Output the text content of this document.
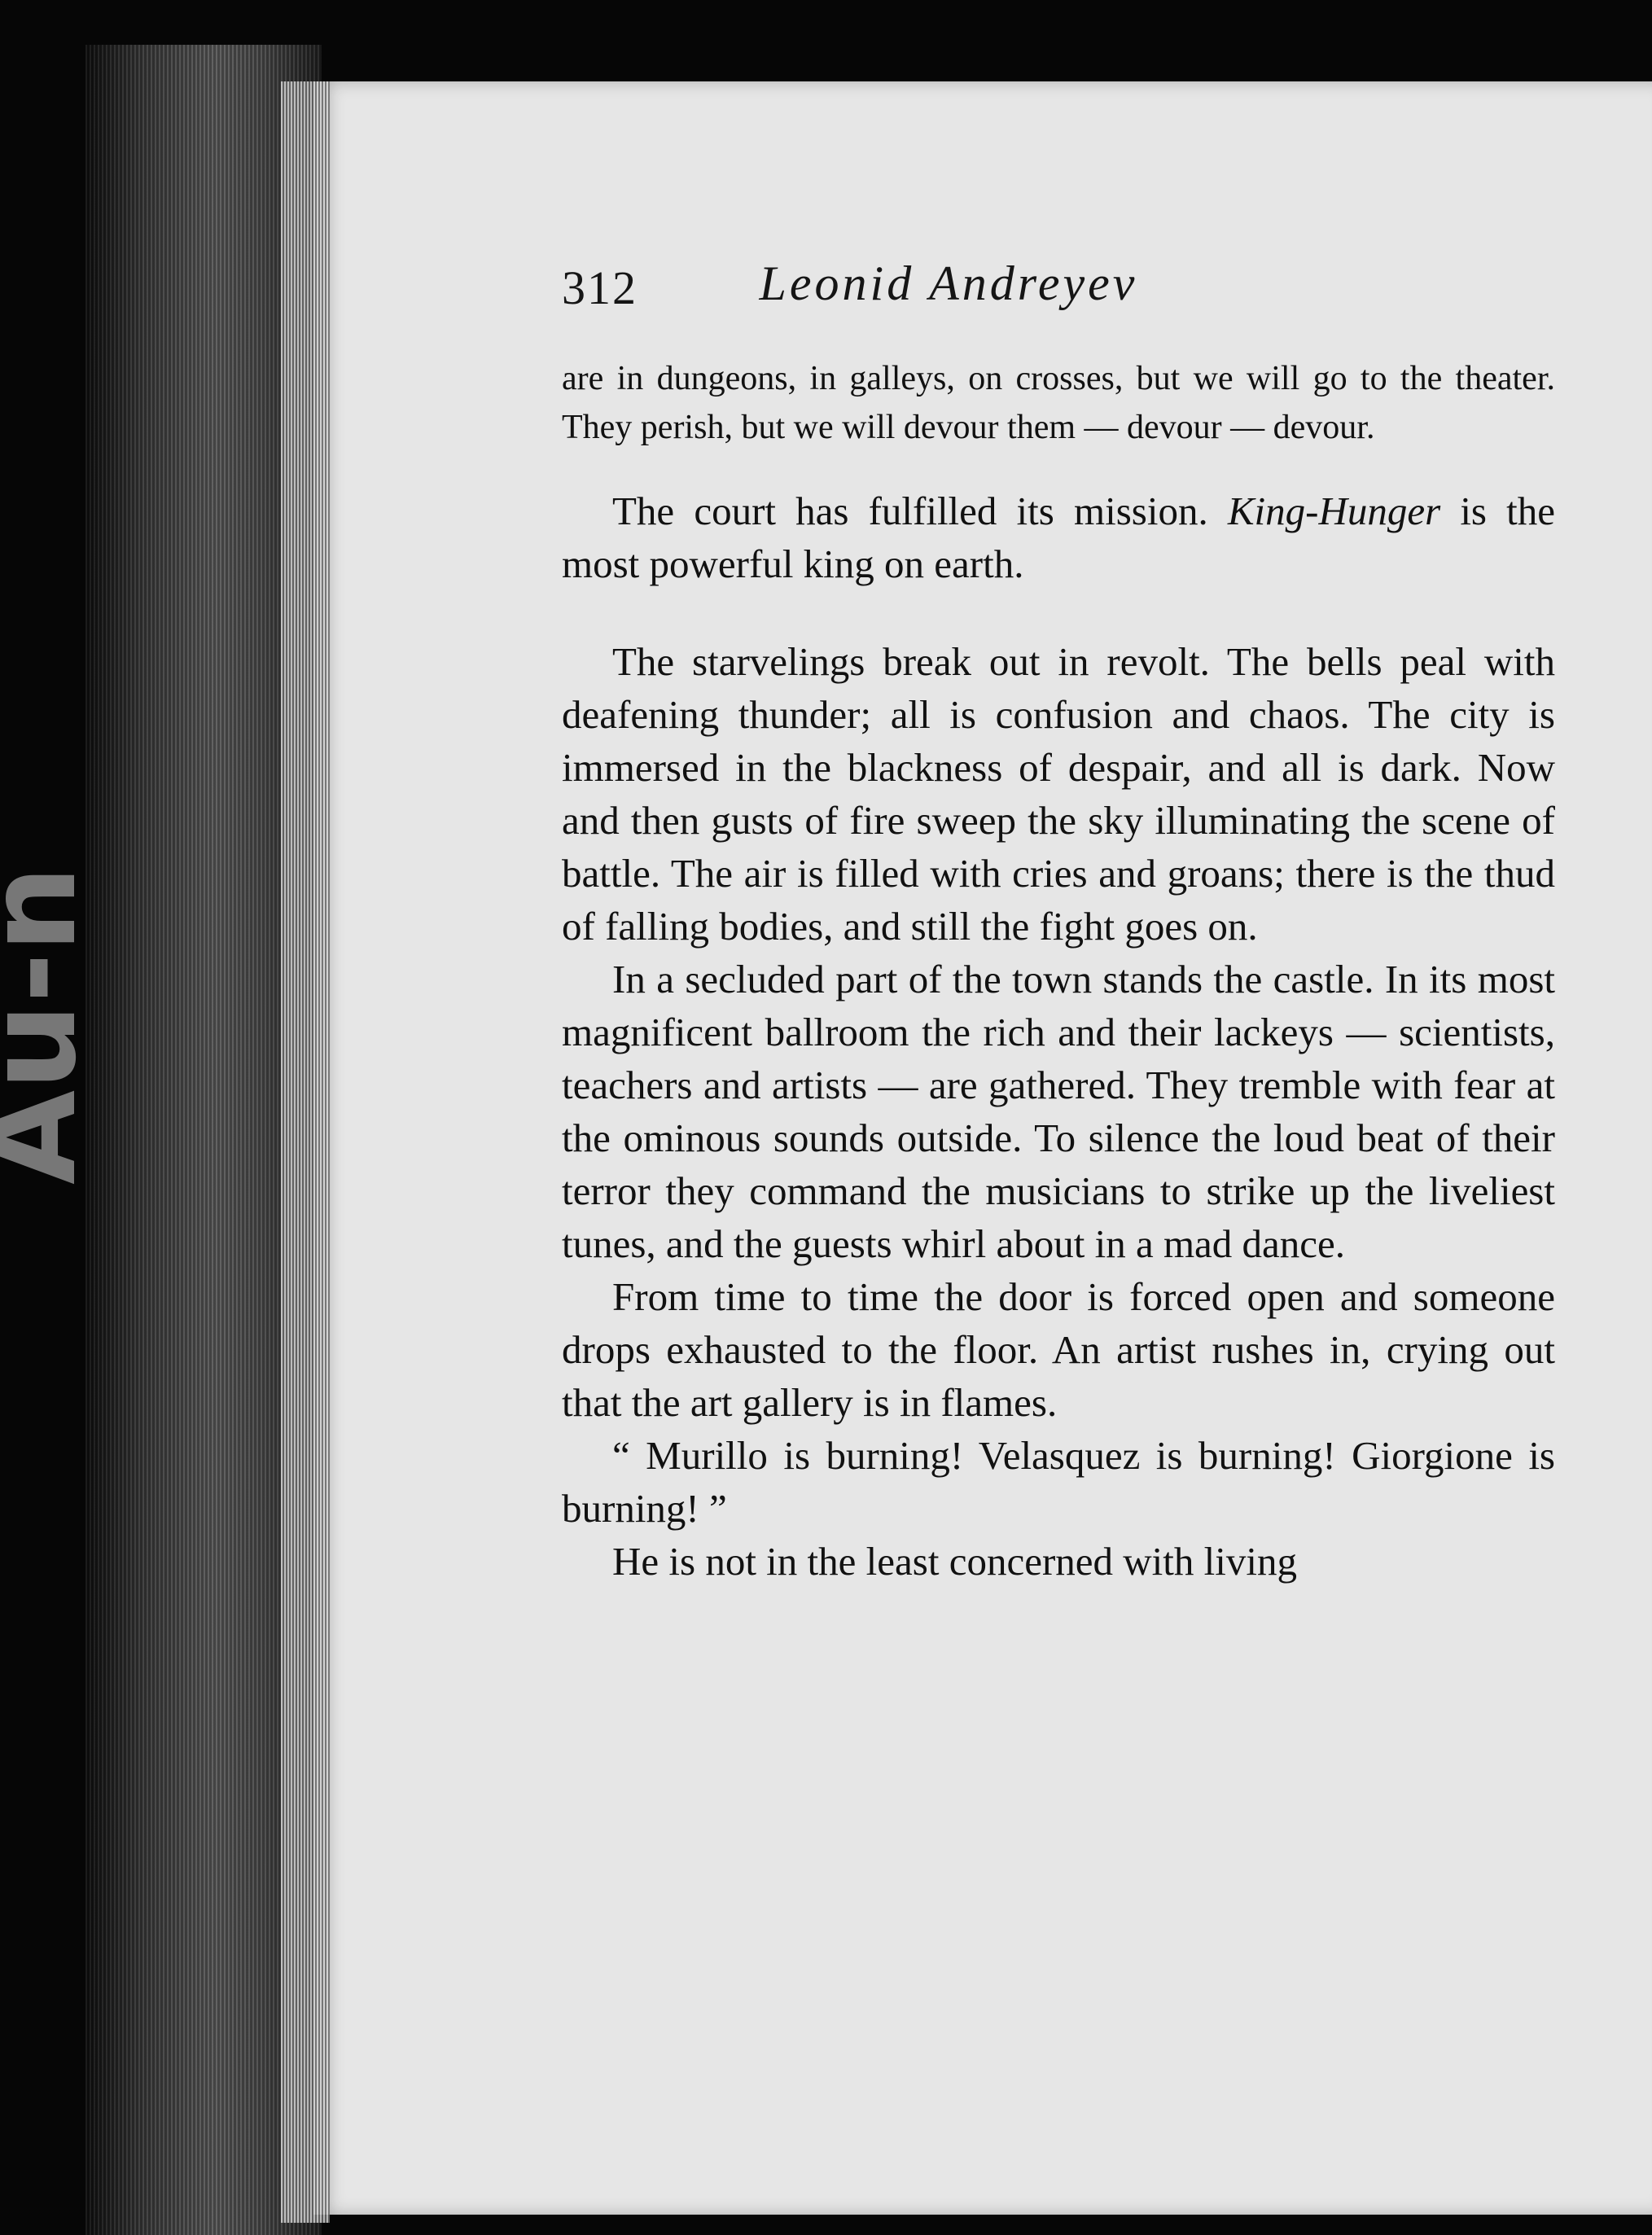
312	Leonid Andreyev

are in dungeons, in galleys, on crosses, but we will go to the theater. They perish, but we will devour them — devour — devour.

The court has fulfilled its mission. King-Hunger is the most powerful king on earth.

The starvelings break out in revolt. The bells peal with deafening thunder; all is confusion and chaos. The city is immersed in the blackness of despair, and all is dark. Now and then gusts of fire sweep the sky illuminating the scene of battle. The air is filled with cries and groans; there is the thud of falling bodies, and still the fight goes on.

In a secluded part of the town stands the castle. In its most magnificent ballroom the rich and their lackeys — scientists, teachers and artists — are gathered. They tremble with fear at the ominous sounds outside. To silence the loud beat of their terror they command the musicians to strike up the liveliest tunes, and the guests whirl about in a mad dance.

From time to time the door is forced open and someone drops exhausted to the floor. An artist rushes in, crying out that the art gallery is in flames.

“ Murillo is burning! Velasquez is burning! Giorgione is burning! ”

He is not in the least concerned with living
